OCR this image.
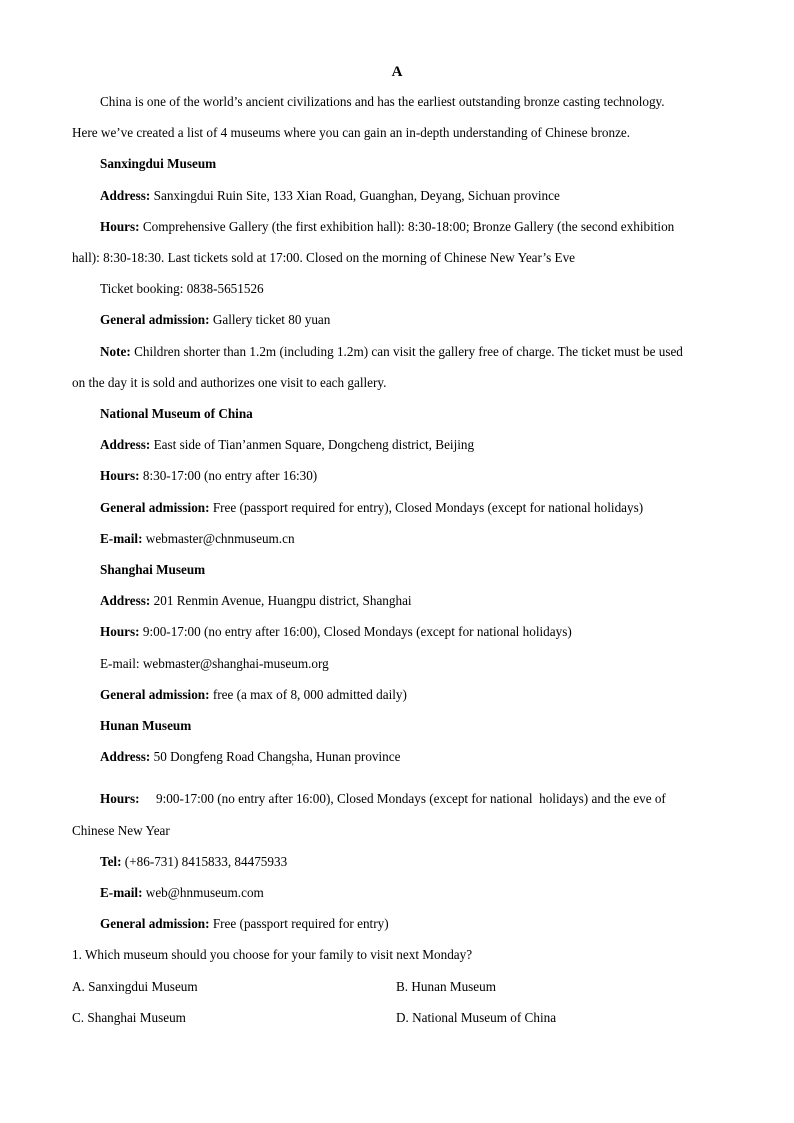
A

China is one of the world’s ancient civilizations and has the earliest outstanding bronze casting technology.

Here we’ve created a list of 4 museums where you can gain an in-depth understanding of Chinese bronze.

Sanxingdui Museum

Address: Sanxingdui Ruin Site, 133 Xian Road, Guanghan, Deyang, Sichuan province

Hours: Comprehensive Gallery (the first exhibition hall): 8:30-18:00; Bronze Gallery (the second exhibition

hall): 8:30-18:30. Last tickets sold at 17:00. Closed on the morning of Chinese New Year’s Eve

Ticket booking: 0838-5651526

General admission: Gallery ticket 80 yuan

Note: Children shorter than 1.2m (including 1.2m) can visit the gallery free of charge. The ticket must be used

on the day it is sold and authorizes one visit to each gallery.

National Museum of China

Address: East side of Tian’anmen Square, Dongcheng district, Beijing

Hours: 8:30-17:00 (no entry after 16:30)

General admission: Free (passport required for entry), Closed Mondays (except for national holidays)

E-mail: webmaster@chnmuseum.cn

Shanghai Museum

Address: 201 Renmin Avenue, Huangpu district, Shanghai

Hours: 9:00-17:00 (no entry after 16:00), Closed Mondays (except for national holidays)

E-mail: webmaster@shanghai-museum.org

General admission: free (a max of 8, 000 admitted daily)

Hunan Museum

Address: 50 Dongfeng Road Changsha, Hunan province
'

Hours:     9:00-17:00 (no entry after 16:00), Closed Mondays (except for national  holidays) and the eve of

Chinese New Year

Tel: (+86-731) 8415833, 84475933

E-mail: web@hnmuseum.com

General admission: Free (passport required for entry)

1. Which museum should you choose for your family to visit next Monday?

A. Sanxingdui Museum	B. Hunan Museum
C. Shanghai Museum	D. National Museum of China
